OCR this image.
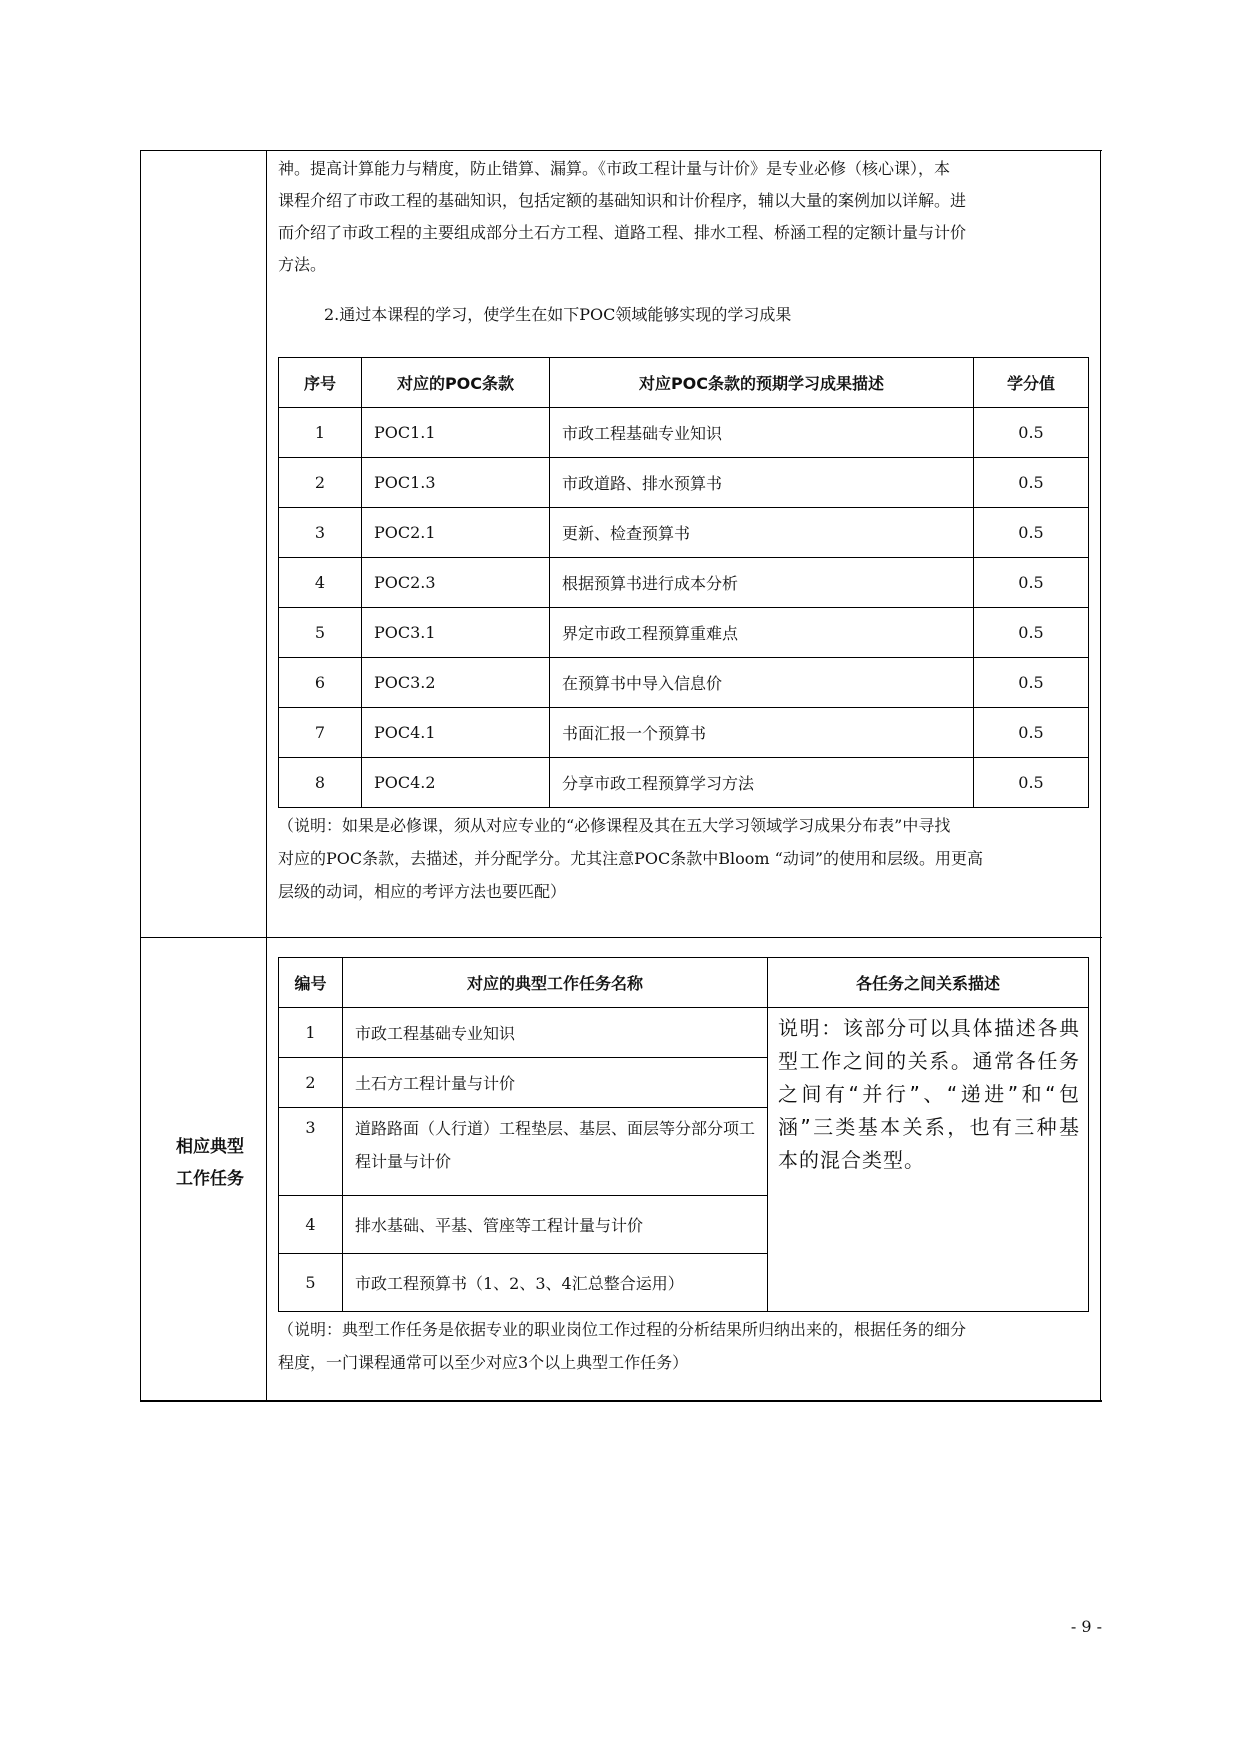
神。提高计算能力与精度，防止错算、漏算。《市政工程计量与计价》是专业必修（核心课），本

课程介绍了市政工程的基础知识，包括定额的基础知识和计价程序，辅以大量的案例加以详解。进

而介绍了市政工程的主要组成部分土石方工程、道路工程、排水工程、桥涵工程的定额计量与计价

方法。

2.通过本课程的学习，使学生在如下POC领域能够实现的学习成果
序号	对应的POC条款	对应POC条款的预期学习成果描述	学分值
1	POC1.1	市政工程基础专业知识	0.5
2	POC1.3	市政道路、排水预算书	0.5
3	POC2.1	更新、检查预算书	0.5
4	POC2.3	根据预算书进行成本分析	0.5
5	POC3.1	界定市政工程预算重难点	0.5
6	POC3.2	在预算书中导入信息价	0.5
7	POC4.1	书面汇报一个预算书	0.5
8	POC4.2	分享市政工程预算学习方法	0.5
（说明：如果是必修课，须从对应专业的“必修课程及其在五大学习领域学习成果分布表”中寻找
对应的POC条款，去描述，并分配学分。尤其注意POC条款中Bloom “动词”的使用和层级。用更高
层级的动词，相应的考评方法也要匹配）
相应典型
工作任务
编号	对应的典型工作任务名称	各任务之间关系描述
1	市政工程基础专业知识	说明：该部分可以具体描述各典型工作之间的关系。通常各任务之间有“并行”、“递进”和“包涵”三类基本关系，也有三种基本的混合类型。

2	土石方工程计量与计价	
3	道路路面（人行道）工程垫层、基层、面层等分部分项工程计量与计价	
4	排水基础、平基、管座等工程计量与计价	
5	市政工程预算书（1、2、3、4汇总整合运用）	
（说明：典型工作任务是依据专业的职业岗位工作过程的分析结果所归纳出来的，根据任务的细分
程度，一门课程通常可以至少对应3个以上典型工作任务）
- 9 -
